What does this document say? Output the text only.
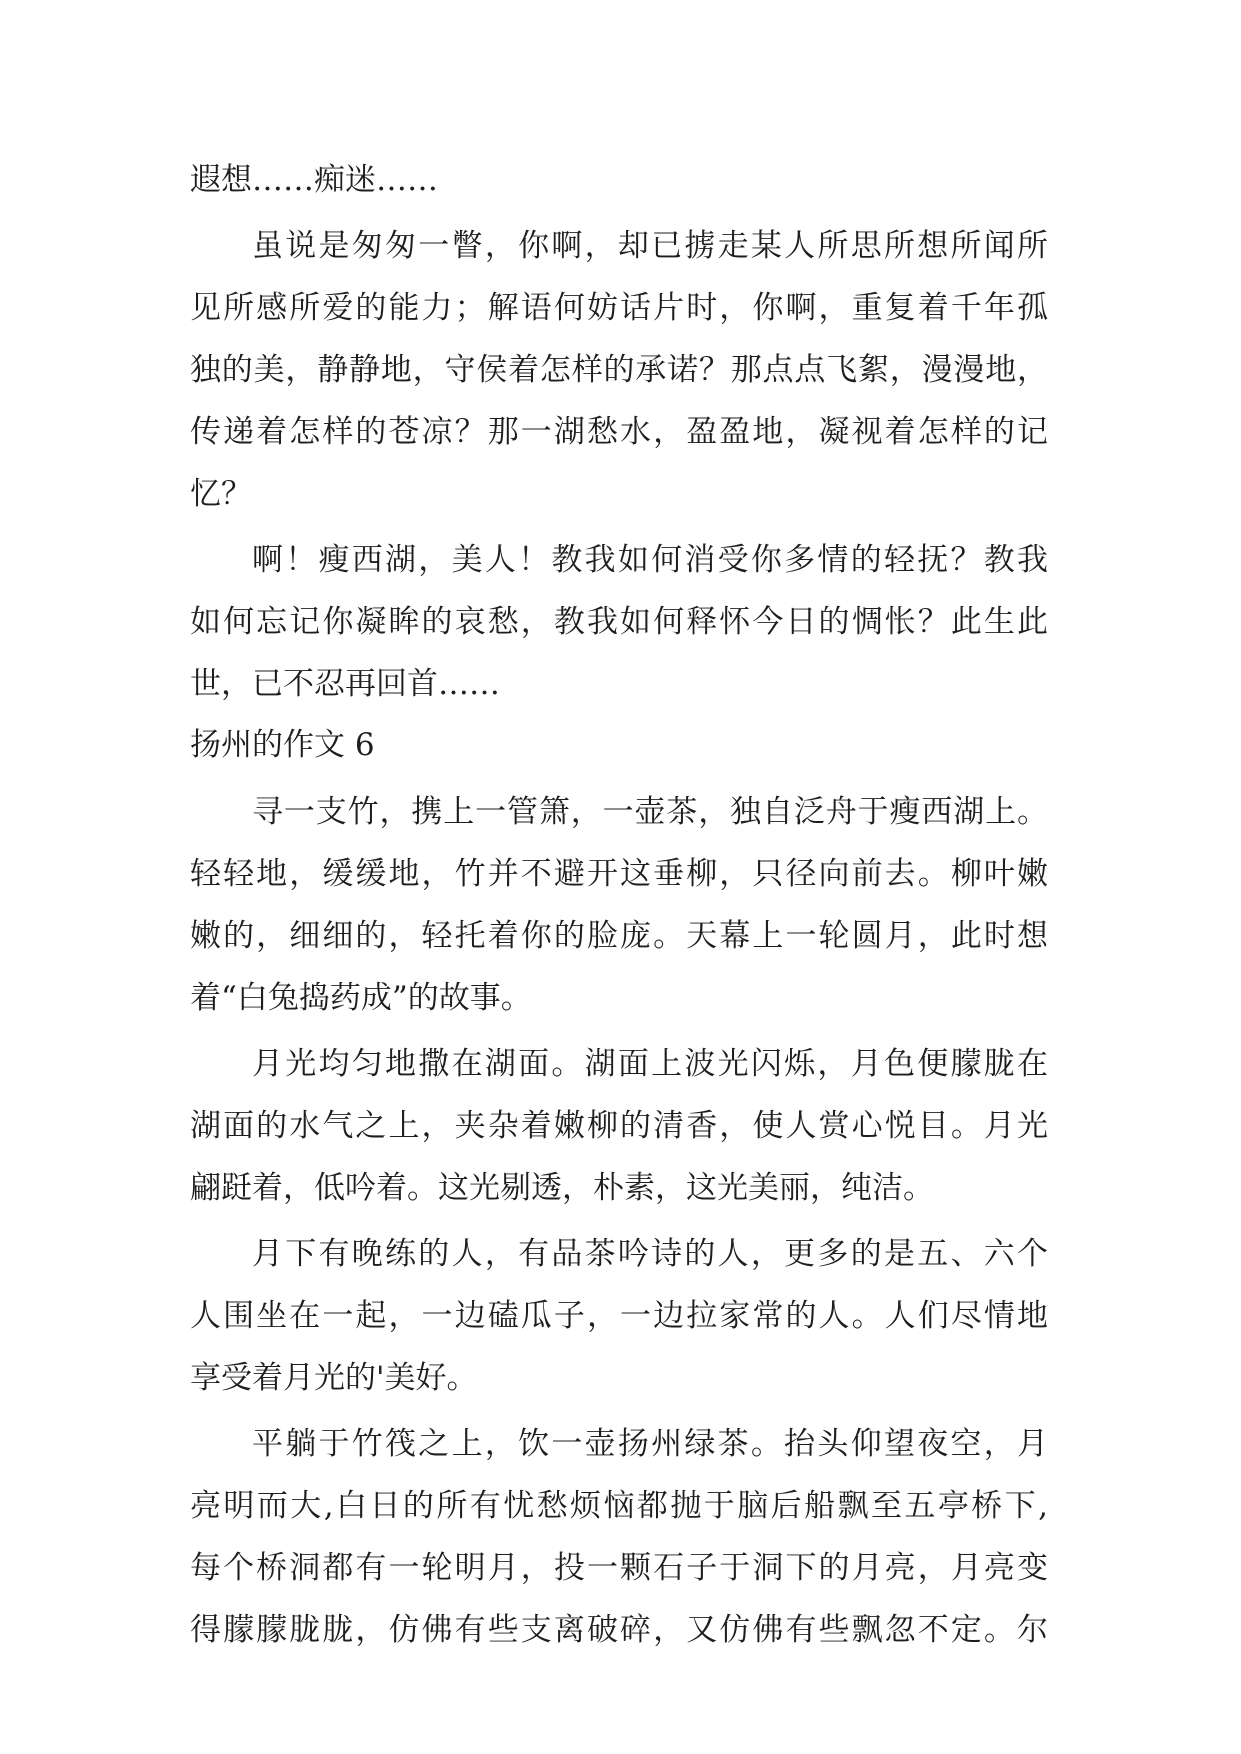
遐想……痴迷……

虽说是匆匆一瞥，你啊，却已掳走某人所思所想所闻所

见所感所爱的能力；解语何妨话片时，你啊，重复着千年孤

独的美，静静地，守侯着怎样的承诺？那点点飞絮，漫漫地，

传递着怎样的苍凉？那一湖愁水，盈盈地，凝视着怎样的记

忆？

啊！瘦西湖，美人！教我如何消受你多情的轻抚？教我

如何忘记你凝眸的哀愁，教我如何释怀今日的惆怅？此生此

世，已不忍再回首……

扬州的作文 6

寻一支竹，携上一管箫，一壶茶，独自泛舟于瘦西湖上。

轻轻地，缓缓地，竹并不避开这垂柳，只径向前去。柳叶嫩

嫩的，细细的，轻托着你的脸庞。天幕上一轮圆月，此时想

着“白兔捣药成”的故事。

月光均匀地撒在湖面。湖面上波光闪烁，月色便朦胧在

湖面的水气之上，夹杂着嫩柳的清香，使人赏心悦目。月光

翩跹着，低吟着。这光剔透，朴素，这光美丽，纯洁。

月下有晚练的人，有品茶吟诗的人，更多的是五、六个

人围坐在一起，一边磕瓜子，一边拉家常的人。人们尽情地

享受着月光的'美好。

平躺于竹筏之上，饮一壶扬州绿茶。抬头仰望夜空，月

亮明而大,白日的所有忧愁烦恼都抛于脑后船飘至五亭桥下,

每个桥洞都有一轮明月，投一颗石子于洞下的月亮，月亮变

得朦朦胧胧，仿佛有些支离破碎，又仿佛有些飘忽不定。尔
